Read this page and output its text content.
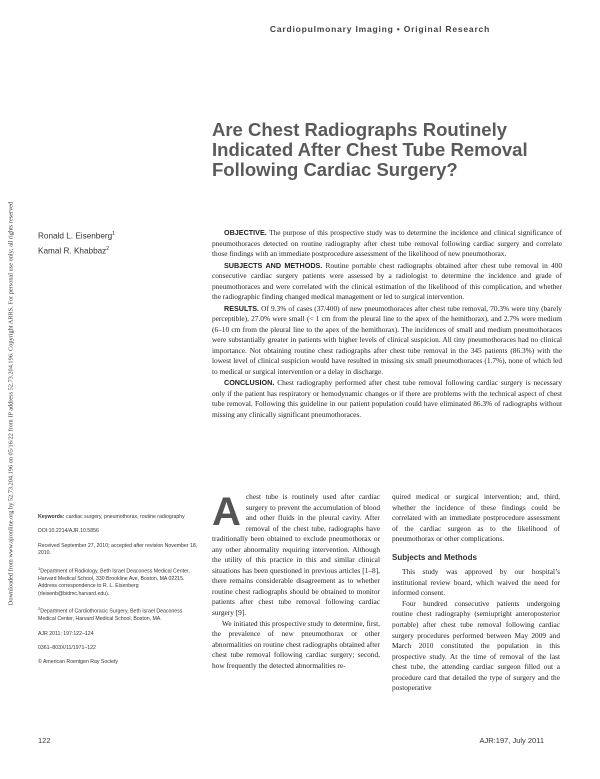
Cardiopulmonary Imaging • Original Research
Downloaded from www.ajronline.org by 52.73.204.196 on 05/16/22 from IP address 52.73.204.196. Copyright ARRS. For personal use only; all rights reserved
Are Chest Radiographs Routinely Indicated After Chest Tube Removal Following Cardiac Surgery?
Ronald L. Eisenberg$^1$
Kamal R. Khabbaz$^2$

OBJECTIVE. The purpose of this prospective study was to determine the incidence and clinical significance of pneumothoraces detected on routine radiography after chest tube removal following cardiac surgery and correlate those findings with an immediate postprocedure assessment of the likelihood of new pneumothorax.

SUBJECTS AND METHODS. Routine portable chest radiographs obtained after chest tube removal in 400 consecutive cardiac surgery patients were assessed by a radiologist to determine the incidence and grade of pneumothoraces and were correlated with the clinical estimation of the likelihood of this complication, and whether the radiographic finding changed medical management or led to surgical intervention.

RESULTS. Of 9.3% of cases (37/400) of new pneumothoraces after chest tube removal, 70.3% were tiny (barely perceptible), 27.0% were small (< 1 cm from the pleural line to the apex of the hemithorax), and 2.7% were medium (6–10 cm from the pleural line to the apex of the hemithorax). The incidences of small and medium pneumothoraces were substantially greater in patients with higher levels of clinical suspicion. All tiny pneumothoraces had no clinical importance. Not obtaining routine chest radiographs after chest tube removal in the 345 patients (86.3%) with the lowest level of clinical suspicion would have resulted in missing six small pneumothoraces (1.7%), none of which led to medical or surgical intervention or a delay in discharge.

CONCLUSION. Chest radiography performed after chest tube removal following cardiac surgery is necessary only if the patient has respiratory or hemodynamic changes or if there are problems with the technical aspect of chest tube removal. Following this guideline in our patient population could have eliminated 86.3% of radiographs without missing any clinically significant pneumothoraces.

Keywords: cardiac surgery, pneumothorax, routine radiography

DOI:10.2214/AJR.10.5856

Received September 27, 2010; accepted after revision November 18, 2010.

$^1$Department of Radiology, Beth Israel Deaconess Medical Center, Harvard Medical School, 330 Brookline Ave, Boston, MA 02215. Address correspondence to R. L. Eisenberg (rleisenb@bidmc.harvard.edu).

$^2$Department of Cardiothoracic Surgery, Beth Israel Deaconess Medical Center, Harvard Medical School, Boston, MA.

AJR 2011; 197:122–124

0361–803X/11/1971–122

© American Roentgen Ray Society

Achest tube is routinely used after cardiac surgery to prevent the accumulation of blood and other fluids in the pleural cavity. After removal of the chest tube, radiographs have traditionally been obtained to exclude pneumothorax or any other abnormality requiring intervention. Although the utility of this practice in this and similar clinical situations has been questioned in previous articles [1–8], there remains considerable disagreement as to whether routine chest radiographs should be obtained to monitor patients after chest tube removal following cardiac surgery [9].

We initiated this prospective study to determine, first, the prevalence of new pneumothorax or other abnormalities on routine chest radiographs obtained after chest tube removal following cardiac surgery; second, how frequently the detected abnormalities re-

quired medical or surgical intervention; and, third, whether the incidence of these findings could be correlated with an immediate postprocedure assessment of the cardiac surgeon as to the likelihood of pneumothorax or other complications.

Subjects and Methods

This study was approved by our hospital’s institutional review board, which waived the need for informed consent.

Four hundred consecutive patients undergoing routine chest radiography (semiupright anteroposterior portable) after chest tube removal following cardiac surgery procedures performed between May 2009 and March 2010 constituted the population in this prospective study. At the time of removal of the last chest tube, the attending cardiac surgeon filled out a procedure card that detailed the type of surgery and the postoperative

122	AJR:197, July 2011
